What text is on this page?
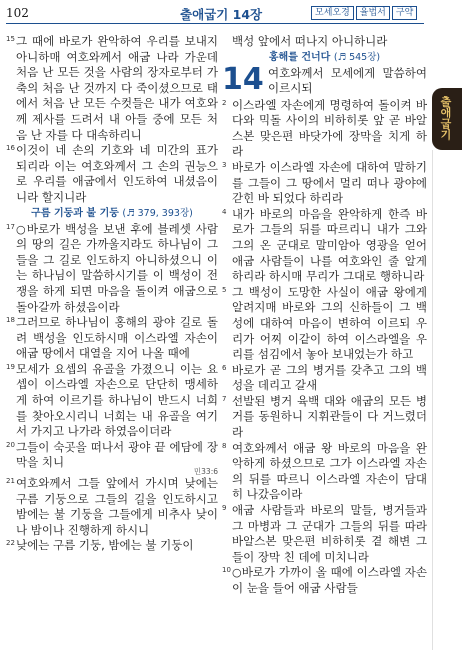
102	출애굽기 14장	모세오경	율법서	구약
출애굽기
15 그 때에 바로가 완악하여 우리를 보내지 아니하매 여호와께서 애굽 나라 가운데 처음 난 모든 것을 사람의 장자로부터 가축의 처음 난 것까지 다 죽이셨으므로 태에서 처음 난 모든 수컷들은 내가 여호와께 제사를 드려서 내 아들 중에 모든 처음 난 자를 다 대속하리니
16 이것이 네 손의 기호와 네 미간의 표가 되리라 이는 여호와께서 그 손의 권능으로 우리를 애굽에서 인도하여 내셨음이니라 할지니라
구름 기둥과 불 기둥 (♬ 379, 393장)
17 ○바로가 백성을 보낸 후에 블레셋 사람의 땅의 길은 가까울지라도 하나님이 그들을 그 길로 인도하지 아니하셨으니 이는 하나님이 말씀하시기를 이 백성이 전쟁을 하게 되면 마음을 돌이켜 애굽으로 돌아갈까 하셨음이라
18 그러므로 하나님이 홍해의 광야 길로 돌려 백성을 인도하시매 이스라엘 자손이 애굽 땅에서 대열을 지어 나올 때에
19 모세가 요셉의 유골을 가졌으니 이는 요셉이 이스라엘 자손으로 단단히 맹세하게 하여 이르기를 하나님이 반드시 너희를 찾아오시리니 너희는 내 유골을 여기서 가지고 나가라 하였음이더라
20 그들이 숙곳을 떠나서 광야 끝 에담에 장막을 치니
민33:6
21 여호와께서 그들 앞에서 가시며 낮에는 구름 기둥으로 그들의 길을 인도하시고 밤에는 불 기둥을 그들에게 비추사 낮이나 밤이나 진행하게 하시니
22 낮에는 구름 기둥, 밤에는 불 기둥이
백성 앞에서 떠나지 아니하니라
홍해를 건너다 (♬ 545장)
14 여호와께서 모세에게 말씀하여 이르시되
2 이스라엘 자손에게 명령하여 돌이켜 바다와 믹돌 사이의 비하히롯 앞 곧 바알스본 맞은편 바닷가에 장막을 치게 하라
3 바로가 이스라엘 자손에 대하여 말하기를 그들이 그 땅에서 멀리 떠나 광야에 갇힌 바 되었다 하리라
4 내가 바로의 마음을 완악하게 한즉 바로가 그들의 뒤를 따르리니 내가 그와 그의 온 군대로 말미암아 영광을 얻어 애굽 사람들이 나를 여호와인 줄 알게 하리라 하시매 무리가 그대로 행하니라
5 그 백성이 도망한 사실이 애굽 왕에게 알려지매 바로와 그의 신하들이 그 백성에 대하여 마음이 변하여 이르되 우리가 어찌 이같이 하여 이스라엘을 우리를 섬김에서 놓아 보내었는가 하고
6 바로가 곧 그의 병거를 갖추고 그의 백성을 데리고 갈새
7 선발된 병거 육백 대와 애굽의 모든 병거를 동원하니 지휘관들이 다 거느렸더라
8 여호와께서 애굽 왕 바로의 마음을 완악하게 하셨으므로 그가 이스라엘 자손의 뒤를 따르니 이스라엘 자손이 담대히 나갔음이라
9 애굽 사람들과 바로의 말들, 병거들과 그 마병과 그 군대가 그들의 뒤를 따라 바알스본 맞은편 비하히롯 곁 해변 그들이 장막 친 데에 미치니라
10 ○바로가 가까이 올 때에 이스라엘 자손이 눈을 들어 애굽 사람들
